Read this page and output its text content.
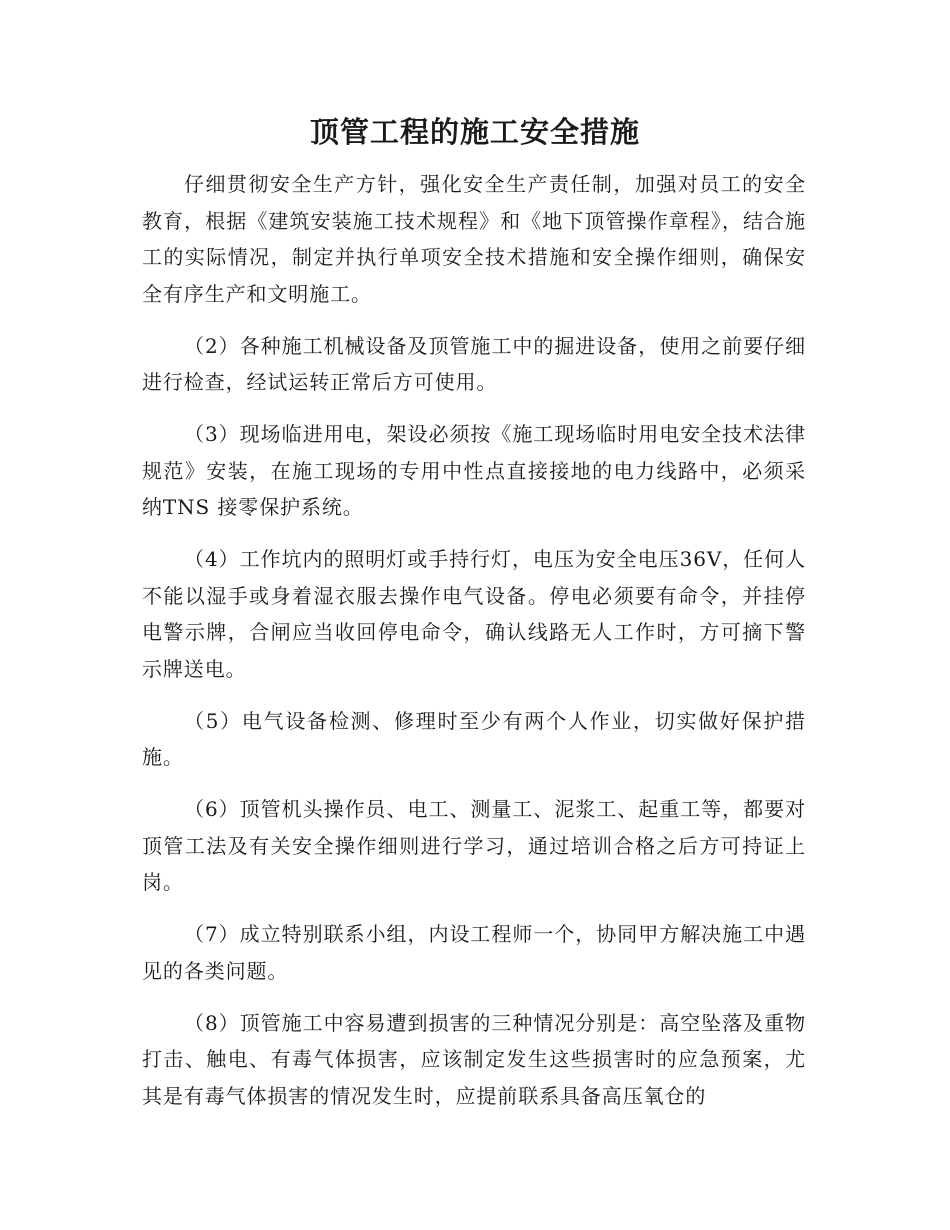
顶管工程的施工安全措施

仔细贯彻安全生产方针，强化安全生产责任制，加强对员工的安全教育，根据《建筑安装施工技术规程》和《地下顶管操作章程》，结合施工的实际情况，制定并执行单项安全技术措施和安全操作细则，确保安全有序生产和文明施工。

（2）各种施工机械设备及顶管施工中的掘进设备，使用之前要仔细进行检查，经试运转正常后方可使用。

（3）现场临进用电，架设必须按《施工现场临时用电安全技术法律规范》安装，在施工现场的专用中性点直接接地的电力线路中，必须采纳TNS 接零保护系统。

（4）工作坑内的照明灯或手持行灯，电压为安全电压36V，任何人不能以湿手或身着湿衣服去操作电气设备。停电必须要有命令，并挂停电警示牌，合闸应当收回停电命令，确认线路无人工作时，方可摘下警示牌送电。

（5）电气设备检测、修理时至少有两个人作业，切实做好保护措施。

（6）顶管机头操作员、电工、测量工、泥浆工、起重工等，都要对顶管工法及有关安全操作细则进行学习，通过培训合格之后方可持证上岗。

（7）成立特别联系小组，内设工程师一个，协同甲方解决施工中遇见的各类问题。

（8）顶管施工中容易遭到损害的三种情况分别是：高空坠落及重物打击、触电、有毒气体损害，应该制定发生这些损害时的应急预案，尤其是有毒气体损害的情况发生时，应提前联系具备高压氧仓的
